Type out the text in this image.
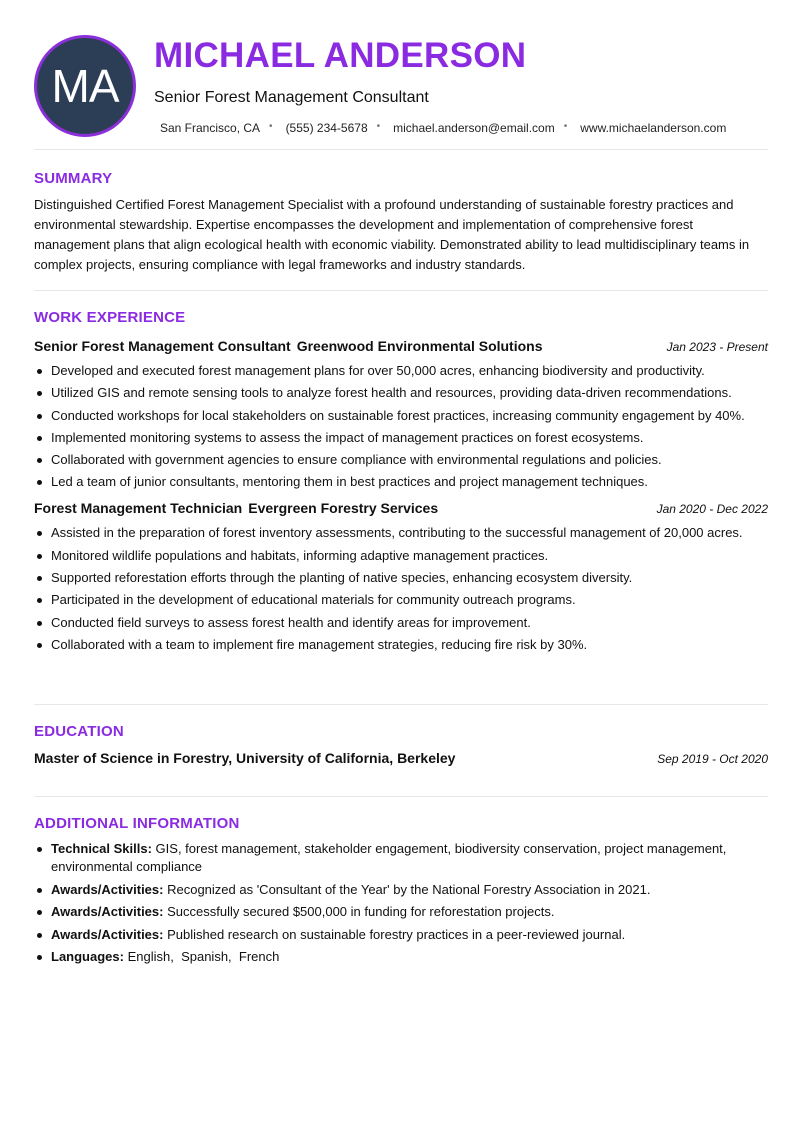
MA
MICHAEL ANDERSON
Senior Forest Management Consultant
San Francisco, CA • (555) 234-5678 • michael.anderson@email.com • www.michaelanderson.com
SUMMARY

Distinguished Certified Forest Management Specialist with a profound understanding of sustainable forestry practices and environmental stewardship. Expertise encompasses the development and implementation of comprehensive forest management plans that align ecological health with economic viability. Demonstrated ability to lead multidisciplinary teams in complex projects, ensuring compliance with legal frameworks and industry standards.

WORK EXPERIENCE
Senior Forest Management Consultant Greenwood Environmental Solutions	Jan 2023 - Present
Developed and executed forest management plans for over 50,000 acres, enhancing biodiversity and productivity.
Utilized GIS and remote sensing tools to analyze forest health and resources, providing data-driven recommendations.
Conducted workshops for local stakeholders on sustainable forest practices, increasing community engagement by 40%.
Implemented monitoring systems to assess the impact of management practices on forest ecosystems.
Collaborated with government agencies to ensure compliance with environmental regulations and policies.
Led a team of junior consultants, mentoring them in best practices and project management techniques.
Forest Management Technician Evergreen Forestry Services	Jan 2020 - Dec 2022
Assisted in the preparation of forest inventory assessments, contributing to the successful management of 20,000 acres.
Monitored wildlife populations and habitats, informing adaptive management practices.
Supported reforestation efforts through the planting of native species, enhancing ecosystem diversity.
Participated in the development of educational materials for community outreach programs.
Conducted field surveys to assess forest health and identify areas for improvement.
Collaborated with a team to implement fire management strategies, reducing fire risk by 30%.
EDUCATION
Master of Science in Forestry, University of California, Berkeley	Sep 2019 - Oct 2020
ADDITIONAL INFORMATION
Technical Skills: GIS, forest management, stakeholder engagement, biodiversity conservation, project management, environmental compliance
Awards/Activities: Recognized as 'Consultant of the Year' by the National Forestry Association in 2021.
Awards/Activities: Successfully secured $500,000 in funding for reforestation projects.
Awards/Activities: Published research on sustainable forestry practices in a peer-reviewed journal.
Languages: English,  Spanish,  French
